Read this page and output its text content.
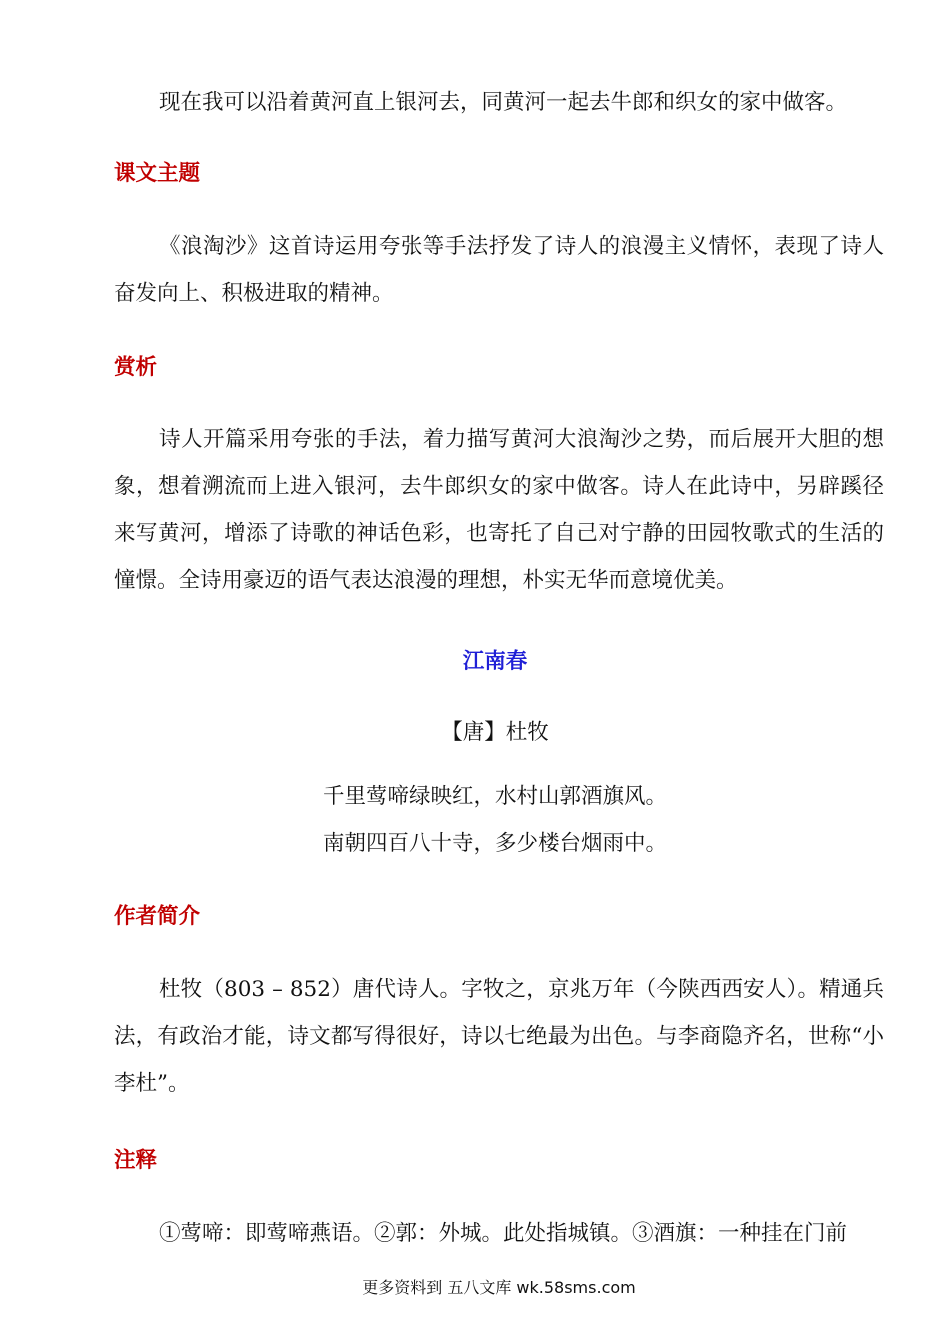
现在我可以沿着黄河直上银河去，同黄河一起去牛郎和织女的家中做客。

课文主题

《浪淘沙》这首诗运用夸张等手法抒发了诗人的浪漫主义情怀，表现了诗人奋发向上、积极进取的精神。

赏析

诗人开篇采用夸张的手法，着力描写黄河大浪淘沙之势，而后展开大胆的想象，想着溯流而上进入银河，去牛郎织女的家中做客。诗人在此诗中，另辟蹊径来写黄河，增添了诗歌的神话色彩，也寄托了自己对宁静的田园牧歌式的生活的憧憬。全诗用豪迈的语气表达浪漫的理想，朴实无华而意境优美。

江南春

【唐】杜牧

千里莺啼绿映红，水村山郭酒旗风。

南朝四百八十寺，多少楼台烟雨中。

作者简介

杜牧（803 – 852）唐代诗人。字牧之，京兆万年（今陕西西安人）。精通兵法，有政治才能，诗文都写得很好，诗以七绝最为出色。与李商隐齐名，世称“小李杜”。

注释

①莺啼：即莺啼燕语。②郭：外城。此处指城镇。③酒旗：一种挂在门前

更多资料到 五八文库 wk.58sms.com
